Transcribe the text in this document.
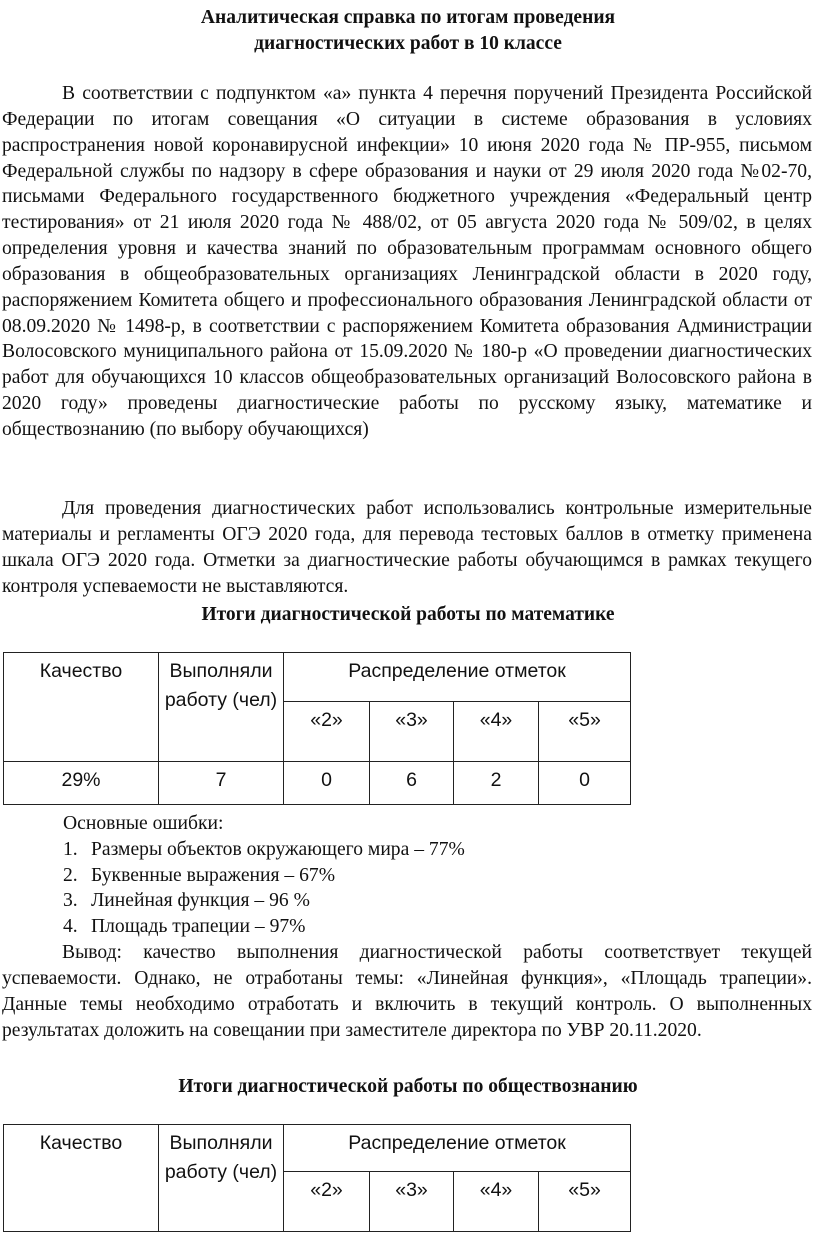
Аналитическая справка по итогам проведения
диагностических работ в 10 классе

В соответствии с подпунктом «а» пункта 4 перечня поручений Президента Российской Федерации по итогам совещания «О ситуации в системе образования в условиях распространения новой коронавирусной инфекции» 10 июня 2020 года № ПР-955, письмом Федеральной службы по надзору в сфере образования и науки от 29 июля 2020 года №02-70, письмами Федерального государственного бюджетного учреждения «Федеральный центр тестирования» от 21 июля 2020 года № 488/02, от 05 августа 2020 года № 509/02, в целях определения уровня и качества знаний по образовательным программам основного общего образования в общеобразовательных организациях Ленинградской области в 2020 году, распоряжением Комитета общего и профессионального образования Ленинградской области от 08.09.2020 № 1498-р, в соответствии с распоряжением Комитета образования Администрации Волосовского муниципального района от 15.09.2020 № 180-р «О проведении диагностических работ для обучающихся 10 классов общеобразовательных организаций Волосовского района в 2020 году» проведены диагностические работы по русскому языку, математике и обществознанию (по выбору обучающихся)

Для проведения диагностических работ использовались контрольные измерительные материалы и регламенты ОГЭ 2020 года, для перевода тестовых баллов в отметку применена шкала ОГЭ 2020 года. Отметки за диагностические работы обучающимся в рамках текущего контроля успеваемости не выставляются.

Итоги диагностической работы по математике
Качество	Выполняли работу (чел)	Распределение отметок			
		«2»	«3»	«4»	«5»
29%	7	0	6	2	0
Основные ошибки:
1. Размеры объектов окружающего мира – 77%
2. Буквенные выражения – 67%
3. Линейная функция – 96 %
4. Площадь трапеции – 97%

Вывод: качество выполнения диагностической работы соответствует текущей успеваемости. Однако, не отработаны темы: «Линейная функция», «Площадь трапеции». Данные темы необходимо отработать и включить в текущий контроль. О выполненных результатах доложить на совещании при заместителе директора по УВР 20.11.2020.

Итоги диагностической работы по обществознанию
Качество	Выполняли работу (чел)	Распределение отметок			
		«2»	«3»	«4»	«5»
